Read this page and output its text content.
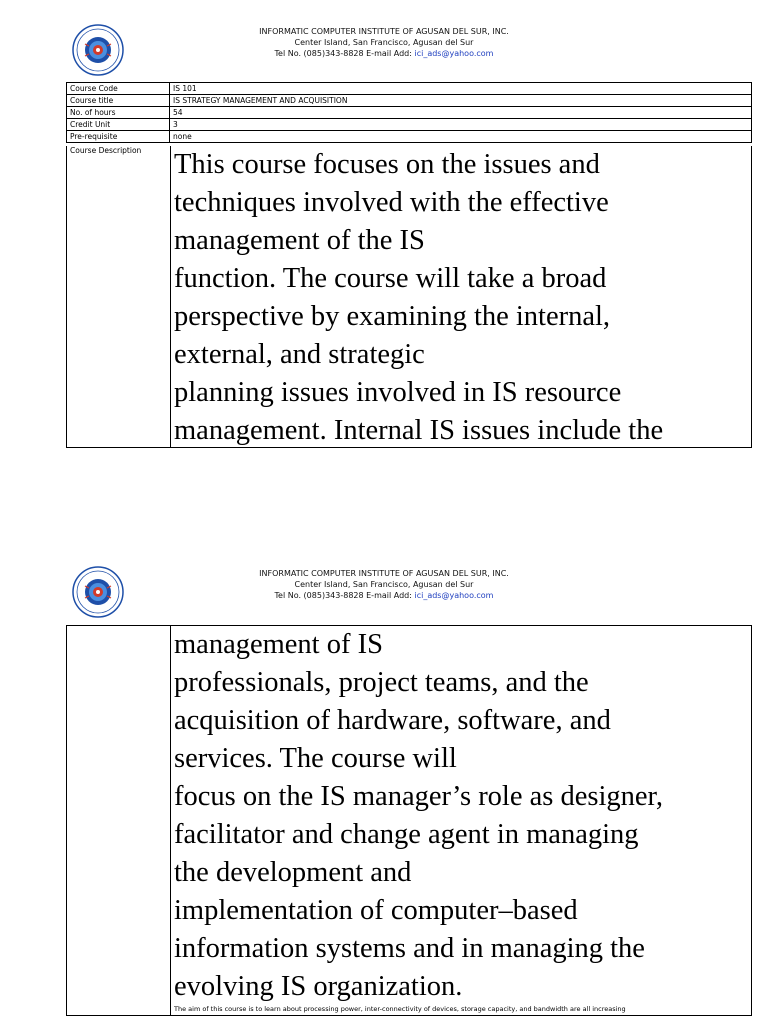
INFORMATIC COMPUTER INSTITUTE OF AGUSAN DEL SUR, INC.
Center Island, San Francisco, Agusan del Sur
Tel No. (085)343-8828 E-mail Add: ici_ads@yahoo.com
Course Code	IS 101
Course title	IS STRATEGY MANAGEMENT AND ACQUISITION
No. of hours	54
Credit Unit	3
Pre-requisite	none
Course Description	This course focuses on the issues and
techniques involved with the effective
management of the IS
function. The course will take a broad
perspective by examining the internal,
external, and strategic
planning issues involved in IS resource
management. Internal IS issues include the
INFORMATIC COMPUTER INSTITUTE OF AGUSAN DEL SUR, INC.
Center Island, San Francisco, Agusan del Sur
Tel No. (085)343-8828 E-mail Add: ici_ads@yahoo.com
management of IS
professionals, project teams, and the
acquisition of hardware, software, and
services. The course will
focus on the IS manager’s role as designer,
facilitator and change agent in managing
the development and
implementation of computer–based
information systems and in managing the
evolving IS organization.
The aim of this course is to learn about processing power, inter-connectivity of devices, storage capacity, and bandwidth are all increasing
